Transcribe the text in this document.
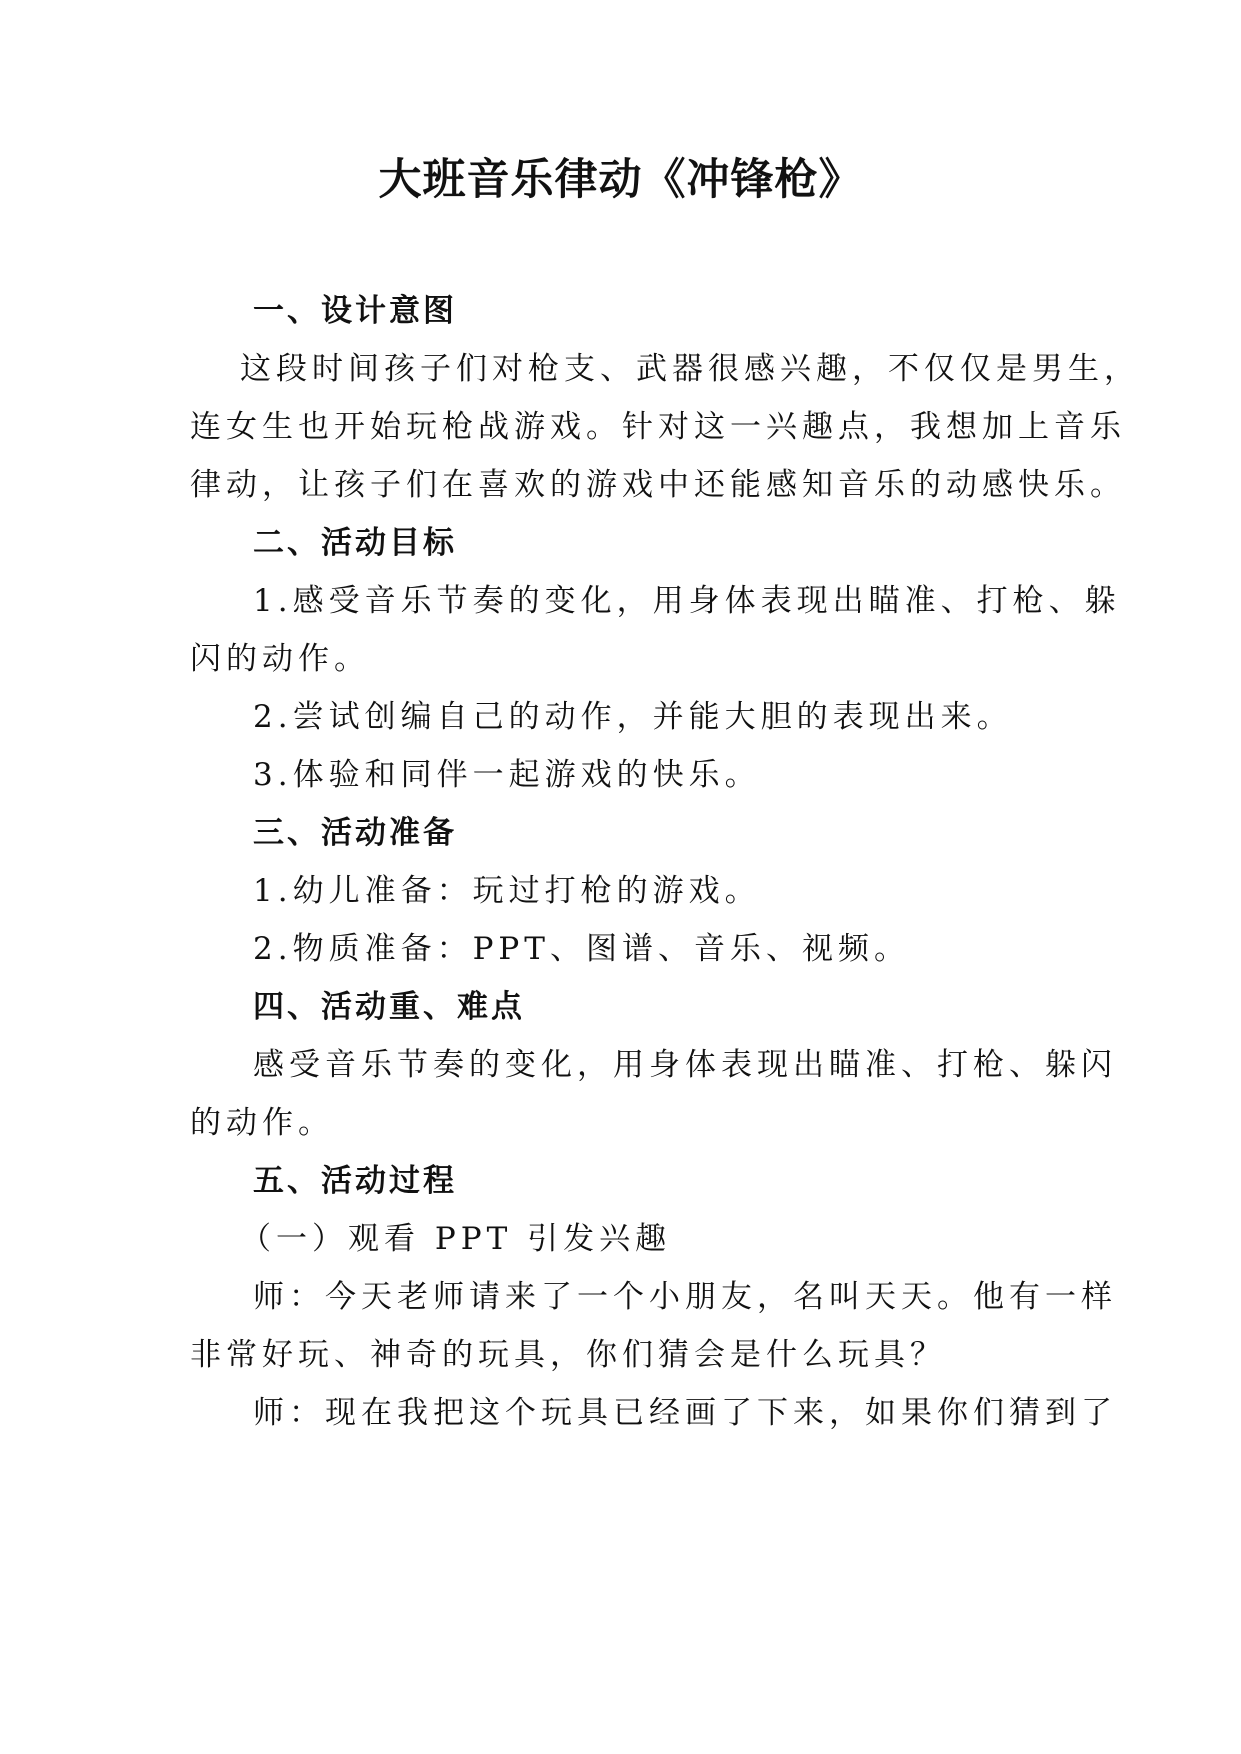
大班音乐律动《冲锋枪》
一、设计意图
这段时间孩子们对枪支、武器很感兴趣，不仅仅是男生，
连女生也开始玩枪战游戏。针对这一兴趣点，我想加上音乐
律动，让孩子们在喜欢的游戏中还能感知音乐的动感快乐。
二、活动目标
1.感受音乐节奏的变化，用身体表现出瞄准、打枪、躲
闪的动作。
2.尝试创编自己的动作，并能大胆的表现出来。
3.体验和同伴一起游戏的快乐。
三、活动准备
1.幼儿准备：玩过打枪的游戏。
2.物质准备：PPT、图谱、音乐、视频。
四、活动重、难点
感受音乐节奏的变化，用身体表现出瞄准、打枪、躲闪
的动作。
五、活动过程
（一）观看 PPT 引发兴趣
师：今天老师请来了一个小朋友，名叫天天。他有一样
非常好玩、神奇的玩具，你们猜会是什么玩具？
师：现在我把这个玩具已经画了下来，如果你们猜到了
